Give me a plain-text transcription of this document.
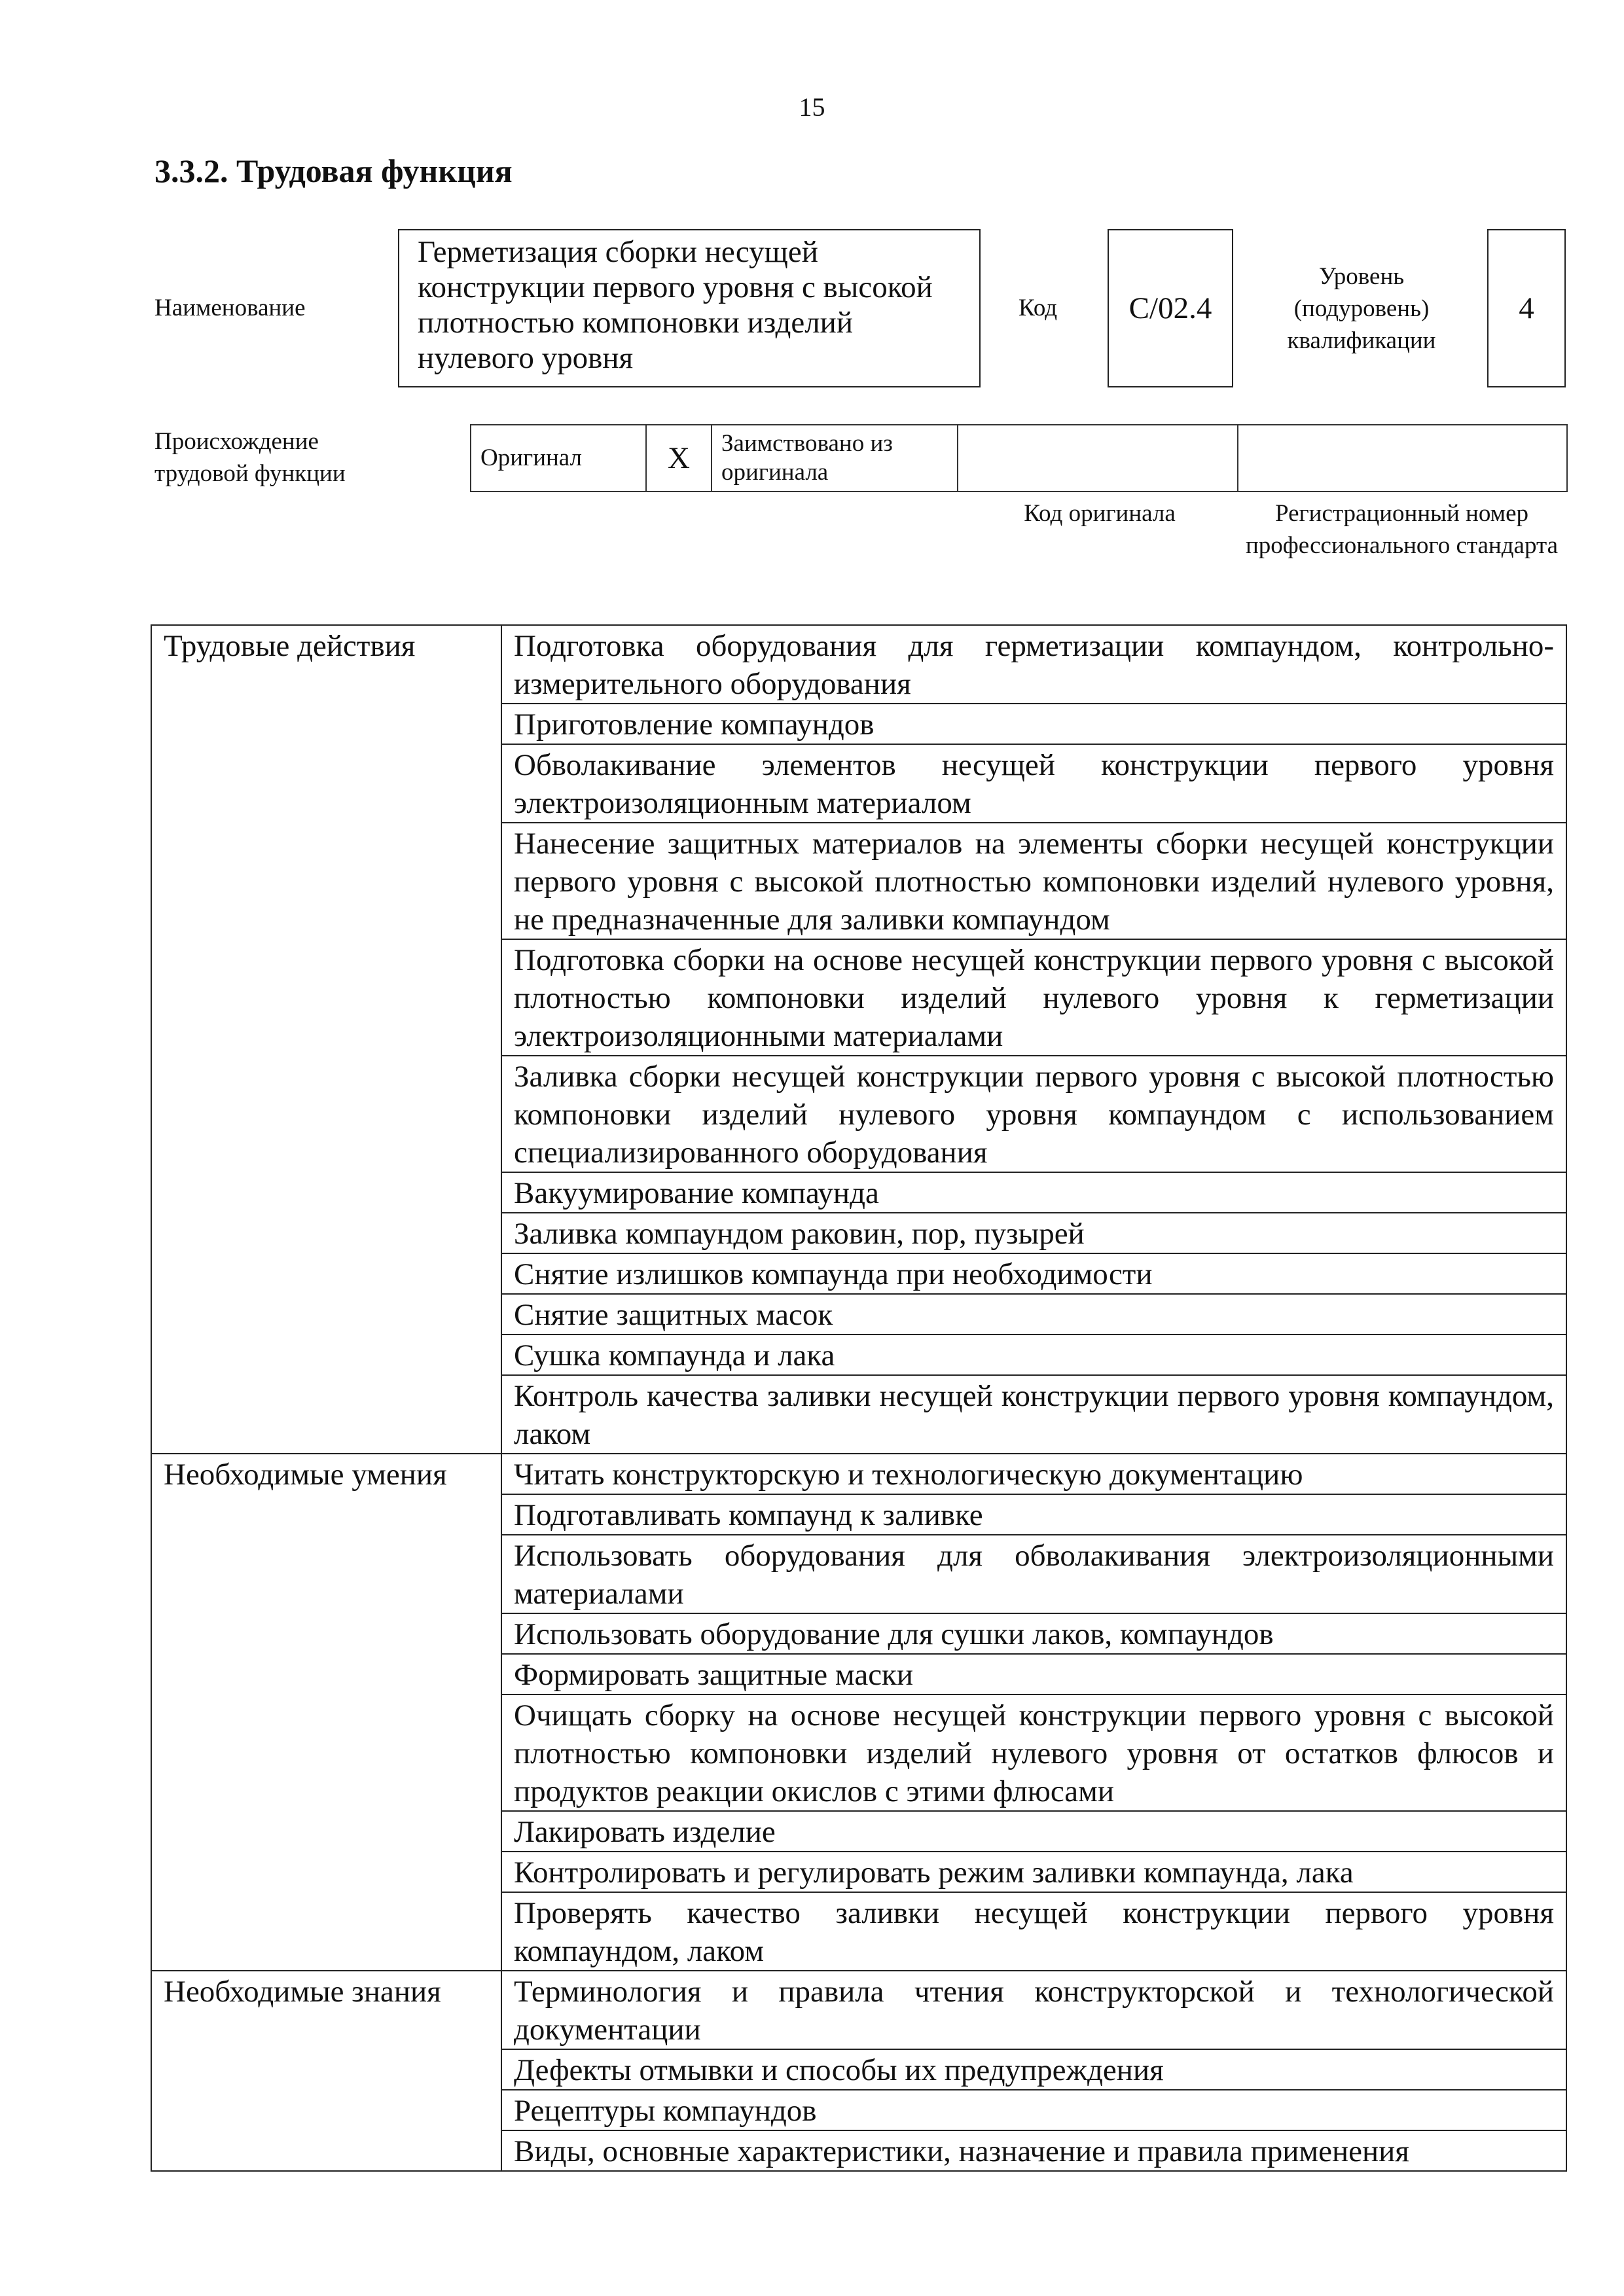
15
3.3.2. Трудовая функция
Наименование
Герметизация сборки несущей конструкции первого уровня с высокой плотностью компоновки изделий нулевого уровня
Код	C/02.4
Уровень
(подуровень)
квалификации
4
Происхождение
трудовой функции
Оригинал	X	Заимствовано из оригинала		
Код оригинала	Регистрационный номер профессионального стандарта
Трудовые действия	Подготовка оборудования для герметизации компаундом, контрольно-измерительного оборудования
	Приготовление компаундов
	Обволакивание элементов несущей конструкции первого уровня электроизоляционным материалом
	Нанесение защитных материалов на элементы сборки несущей конструкции первого уровня с высокой плотностью компоновки изделий нулевого уровня, не предназначенные для заливки компаундом
	Подготовка сборки на основе несущей конструкции первого уровня с высокой плотностью компоновки изделий нулевого уровня к герметизации электроизоляционными материалами
	Заливка сборки несущей конструкции первого уровня с высокой плотностью компоновки изделий нулевого уровня компаундом с использованием специализированного оборудования
	Вакуумирование компаунда
	Заливка компаундом раковин, пор, пузырей
	Снятие излишков компаунда при необходимости
	Снятие защитных масок
	Сушка компаунда и лака
	Контроль качества заливки несущей конструкции первого уровня компаундом, лаком
Необходимые умения	Читать конструкторскую и технологическую документацию
	Подготавливать компаунд к заливке
	Использовать оборудования для обволакивания электроизоляционными материалами
	Использовать оборудование для сушки лаков, компаундов
	Формировать защитные маски
	Очищать сборку на основе несущей конструкции первого уровня с высокой плотностью компоновки изделий нулевого уровня от остатков флюсов и продуктов реакции окислов с этими флюсами
	Лакировать изделие
	Контролировать и регулировать режим заливки компаунда, лака
	Проверять качество заливки несущей конструкции первого уровня компаундом, лаком
Необходимые знания	Терминология и правила чтения конструкторской и технологической документации
	Дефекты отмывки и способы их предупреждения
	Рецептуры компаундов
	Виды, основные характеристики, назначение и правила применения
